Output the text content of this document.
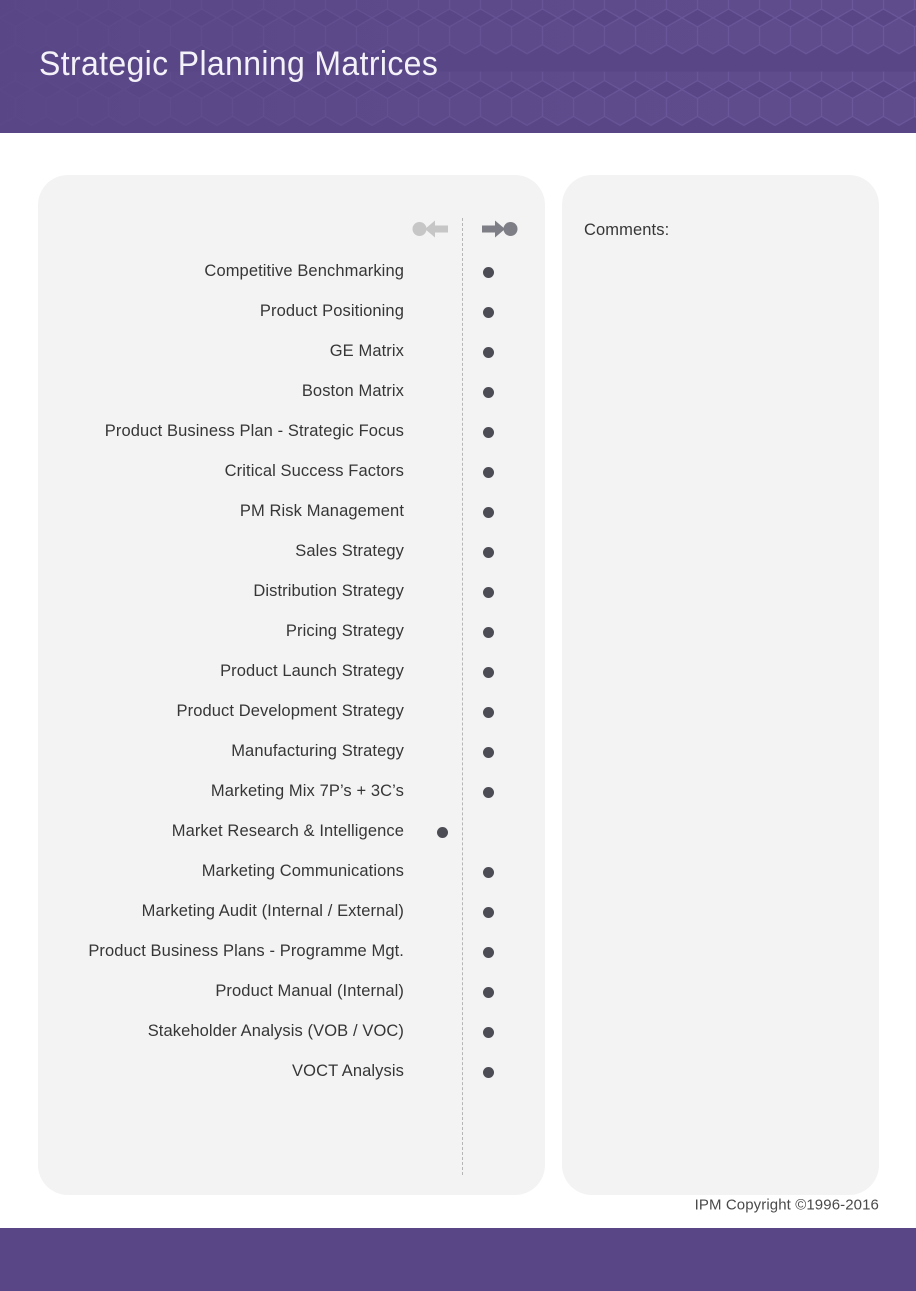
Strategic Planning Matrices
Comments:
Competitive Benchmarking
Product Positioning
GE Matrix
Boston Matrix
Product Business Plan - Strategic Focus
Critical Success Factors
PM Risk Management
Sales Strategy
Distribution Strategy
Pricing Strategy
Product Launch Strategy
Product Development Strategy
Manufacturing Strategy
Marketing Mix 7P’s + 3C’s
Market Research & Intelligence
Marketing Communications
Marketing Audit (Internal / External)
Product Business Plans - Programme Mgt.
Product Manual (Internal)
Stakeholder Analysis (VOB / VOC)
VOCT Analysis
IPM Copyright ©1996-2016
